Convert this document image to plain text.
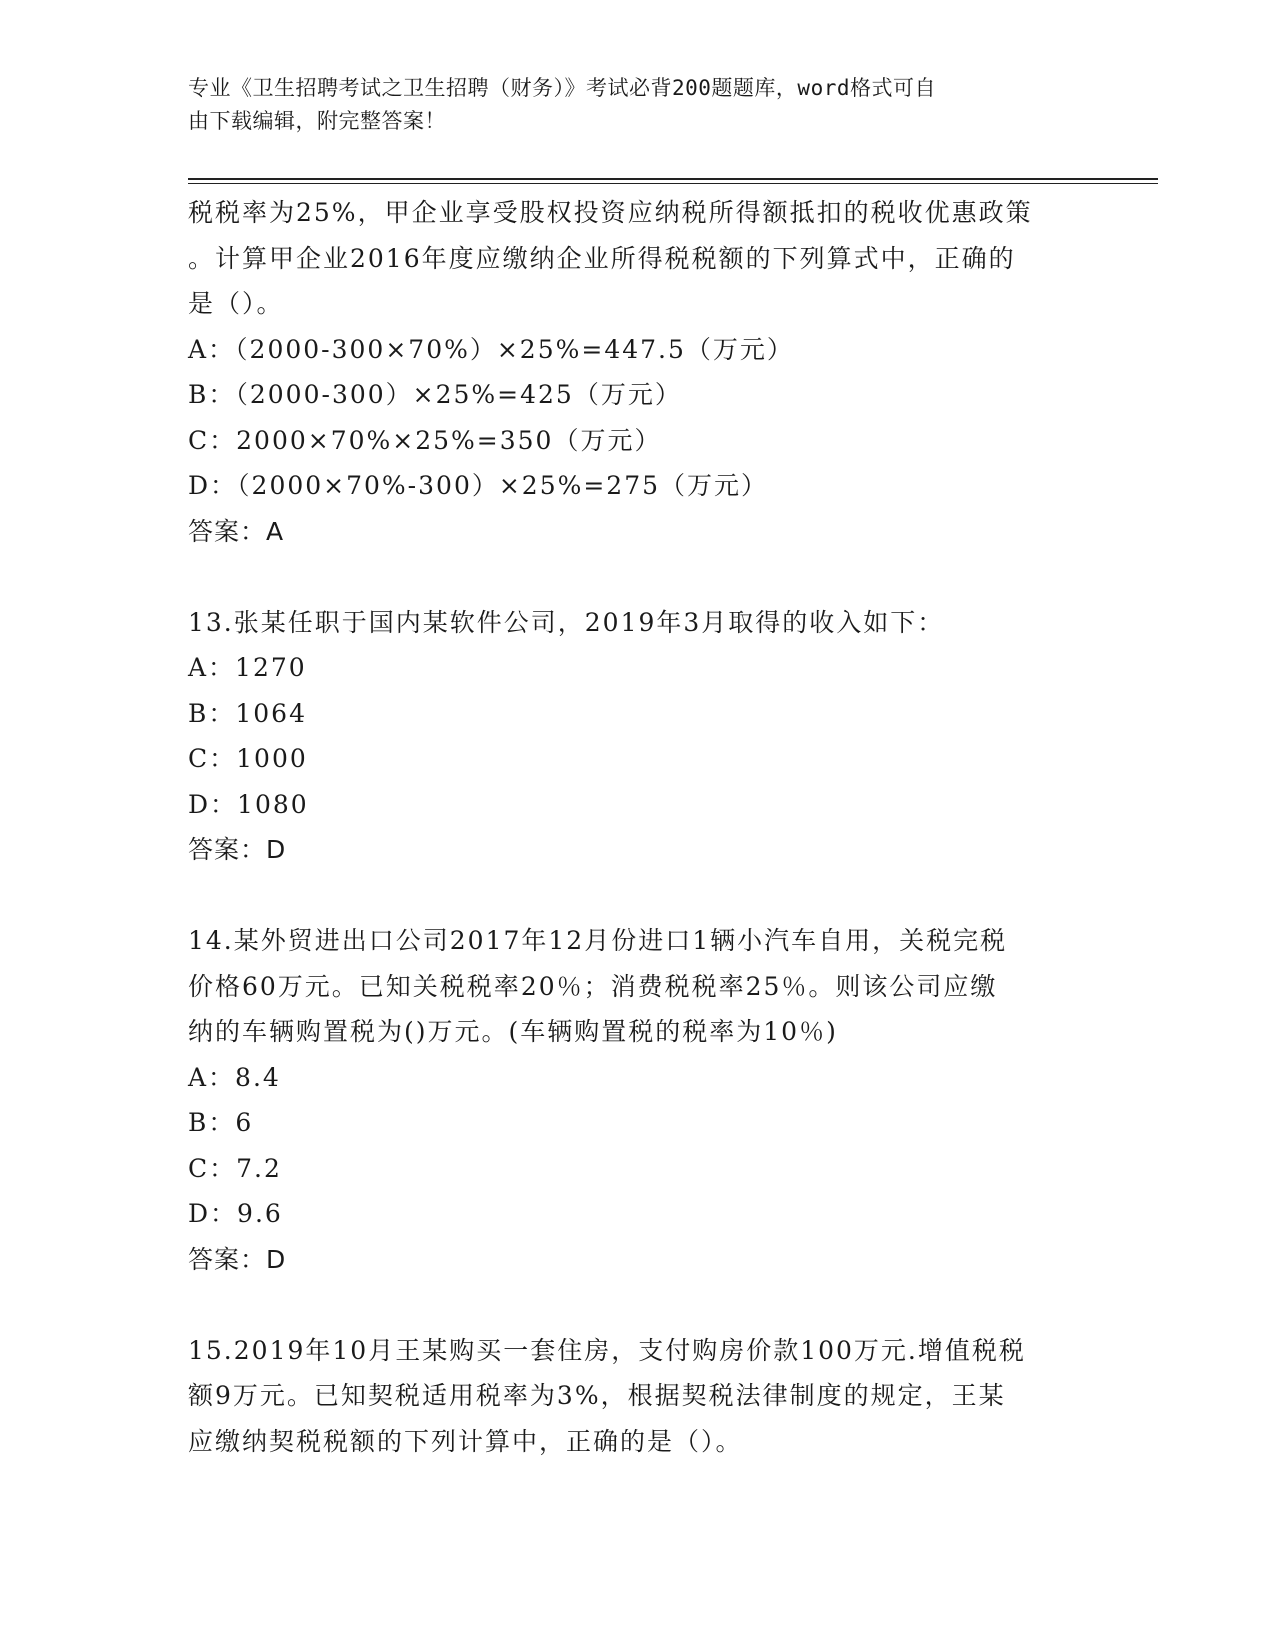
专业《卫生招聘考试之卫生招聘（财务）》考试必背200题题库，word格式可自
由下载编辑，附完整答案！
税税率为25%，甲企业享受股权投资应纳税所得额抵扣的税收优惠政策
。计算甲企业2016年度应缴纳企业所得税税额的下列算式中，正确的
是（）。
A：（2000-300×70%）×25%=447.5（万元）
B：（2000-300）×25%=425（万元）
C：2000×70%×25%=350（万元）
D：（2000×70%-300）×25%=275（万元）
答案：A
13.张某任职于国内某软件公司，2019年3月取得的收入如下：
A：1270
B：1064
C：1000
D：1080
答案：D
14.某外贸进出口公司2017年12月份进口1辆小汽车自用，关税完税
价格60万元。已知关税税率20％；消费税税率25％。则该公司应缴
纳的车辆购置税为()万元。(车辆购置税的税率为10％)
A：8.4
B：6
C：7.2
D：9.6
答案：D
15.2019年10月王某购买一套住房，支付购房价款100万元.增值税税
额9万元。已知契税适用税率为3%，根据契税法律制度的规定，王某
应缴纳契税税额的下列计算中，正确的是（）。
